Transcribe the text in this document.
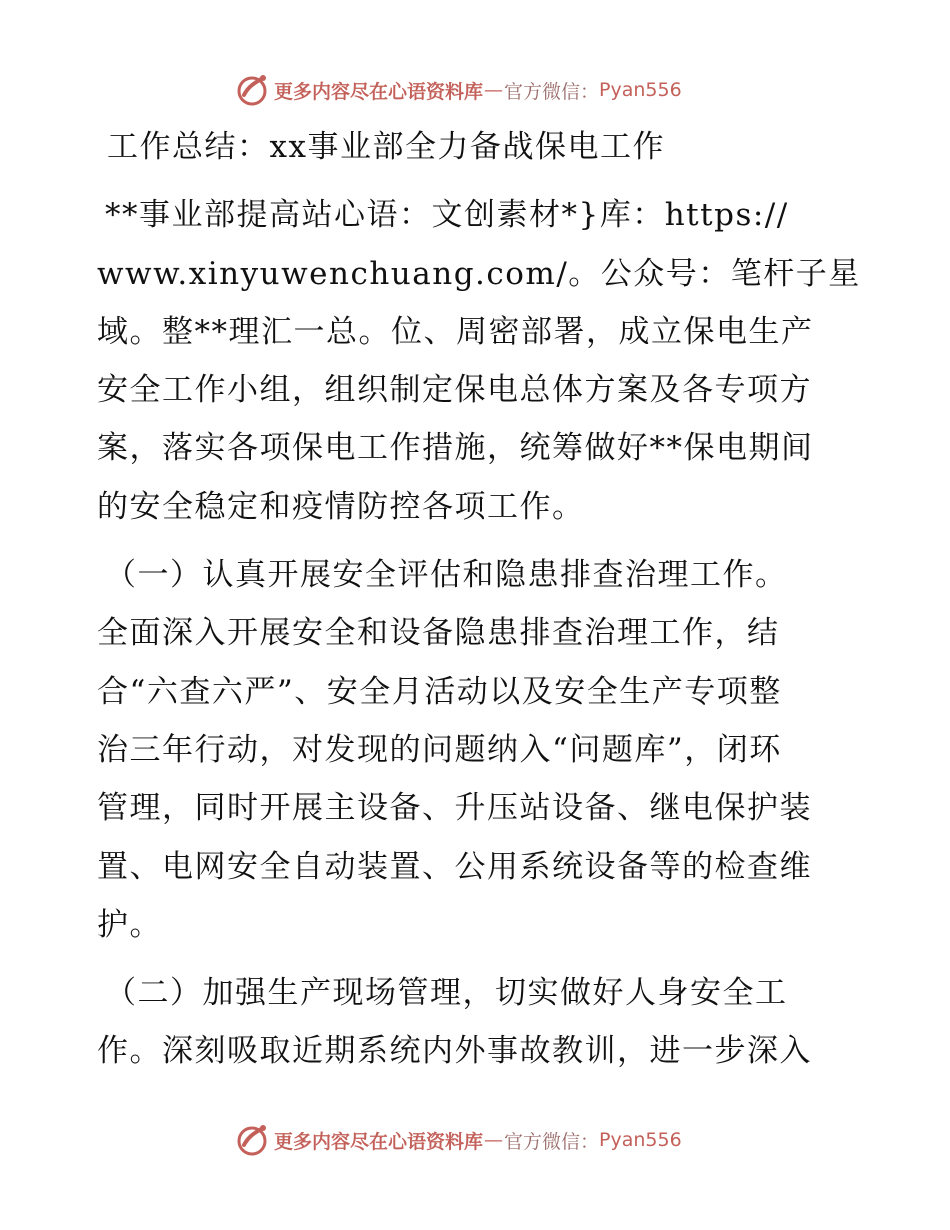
更多内容尽在心语资料库 — 官方微信： Pyan556
工作总结：xx事业部全力备战保电工作
**事业部提高站心语：文创素材*}库：https://
www.xinyuwenchuang.com/。公众号：笔杆子星
域。整**理汇一总。位、周密部署，成立保电生产
安全工作小组，组织制定保电总体方案及各专项方
案，落实各项保电工作措施，统筹做好**保电期间
的安全稳定和疫情防控各项工作。
（一）认真开展安全评估和隐患排查治理工作。
全面深入开展安全和设备隐患排查治理工作，结
合“六查六严”、安全月活动以及安全生产专项整
治三年行动，对发现的问题纳入“问题库”，闭环
管理，同时开展主设备、升压站设备、继电保护装
置、电网安全自动装置、公用系统设备等的检查维
护。
（二）加强生产现场管理，切实做好人身安全工
作。深刻吸取近期系统内外事故教训，进一步深入
更多内容尽在心语资料库 — 官方微信： Pyan556
